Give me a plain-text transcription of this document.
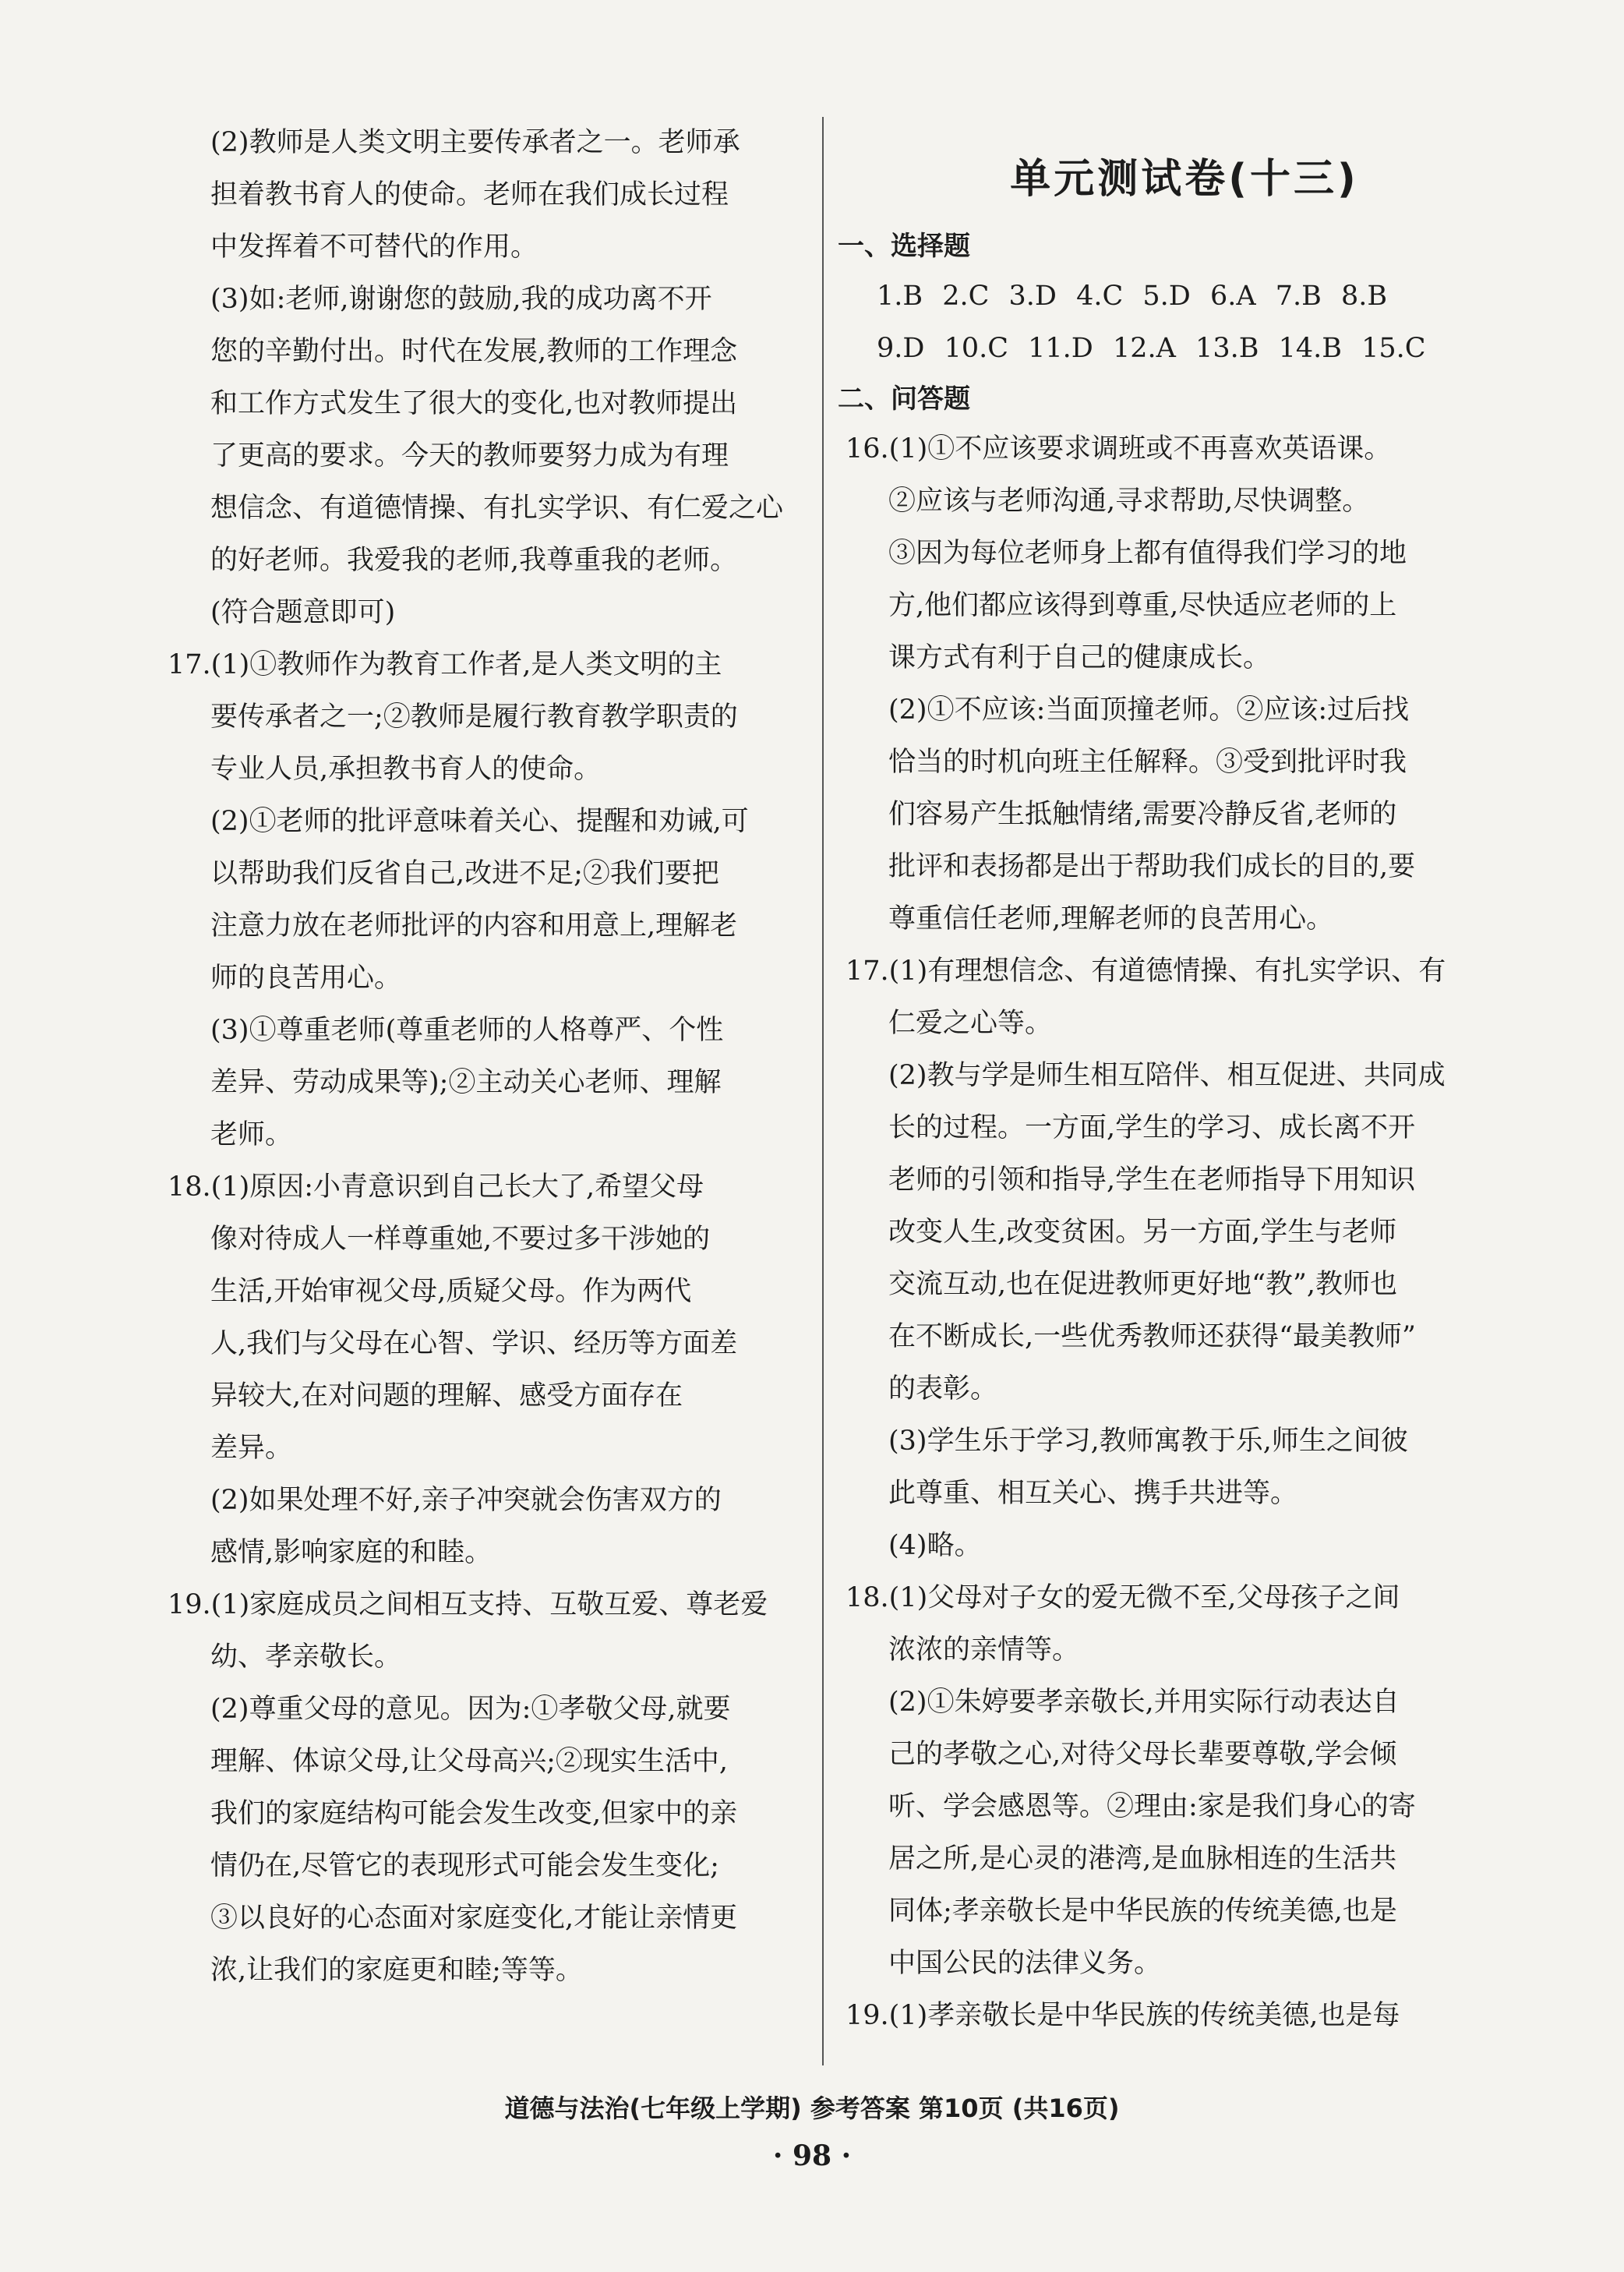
(2)教师是人类文明主要传承者之一。老师承
担着教书育人的使命。老师在我们成长过程
中发挥着不可替代的作用。
(3)如:老师,谢谢您的鼓励,我的成功离不开
您的辛勤付出。时代在发展,教师的工作理念
和工作方式发生了很大的变化,也对教师提出
了更高的要求。今天的教师要努力成为有理
想信念、有道德情操、有扎实学识、有仁爱之心
的好老师。我爱我的老师,我尊重我的老师。
(符合题意即可)
17.(1)①教师作为教育工作者,是人类文明的主
要传承者之一;②教师是履行教育教学职责的
专业人员,承担教书育人的使命。
(2)①老师的批评意味着关心、提醒和劝诫,可
以帮助我们反省自己,改进不足;②我们要把
注意力放在老师批评的内容和用意上,理解老
师的良苦用心。
(3)①尊重老师(尊重老师的人格尊严、个性
差异、劳动成果等);②主动关心老师、理解
老师。
18.(1)原因:小青意识到自己长大了,希望父母
像对待成人一样尊重她,不要过多干涉她的
生活,开始审视父母,质疑父母。作为两代
人,我们与父母在心智、学识、经历等方面差
异较大,在对问题的理解、感受方面存在
差异。
(2)如果处理不好,亲子冲突就会伤害双方的
感情,影响家庭的和睦。
19.(1)家庭成员之间相互支持、互敬互爱、尊老爱
幼、孝亲敬长。
(2)尊重父母的意见。因为:①孝敬父母,就要
理解、体谅父母,让父母高兴;②现实生活中,
我们的家庭结构可能会发生改变,但家中的亲
情仍在,尽管它的表现形式可能会发生变化;
③以良好的心态面对家庭变化,才能让亲情更
浓,让我们的家庭更和睦;等等。
单元测试卷(十三)
一、选择题
1.B 2.C 3.D 4.C 5.D 6.A 7.B 8.B
9.D 10.C 11.D 12.A 13.B 14.B 15.C
二、问答题
16.(1)①不应该要求调班或不再喜欢英语课。
②应该与老师沟通,寻求帮助,尽快调整。
③因为每位老师身上都有值得我们学习的地
方,他们都应该得到尊重,尽快适应老师的上
课方式有利于自己的健康成长。
(2)①不应该:当面顶撞老师。②应该:过后找
恰当的时机向班主任解释。③受到批评时我
们容易产生抵触情绪,需要冷静反省,老师的
批评和表扬都是出于帮助我们成长的目的,要
尊重信任老师,理解老师的良苦用心。
17.(1)有理想信念、有道德情操、有扎实学识、有
仁爱之心等。
(2)教与学是师生相互陪伴、相互促进、共同成
长的过程。一方面,学生的学习、成长离不开
老师的引领和指导,学生在老师指导下用知识
改变人生,改变贫困。另一方面,学生与老师
交流互动,也在促进教师更好地“教”,教师也
在不断成长,一些优秀教师还获得“最美教师”
的表彰。
(3)学生乐于学习,教师寓教于乐,师生之间彼
此尊重、相互关心、携手共进等。
(4)略。
18.(1)父母对子女的爱无微不至,父母孩子之间
浓浓的亲情等。
(2)①朱婷要孝亲敬长,并用实际行动表达自
己的孝敬之心,对待父母长辈要尊敬,学会倾
听、学会感恩等。②理由:家是我们身心的寄
居之所,是心灵的港湾,是血脉相连的生活共
同体;孝亲敬长是中华民族的传统美德,也是
中国公民的法律义务。
19.(1)孝亲敬长是中华民族的传统美德,也是每
道德与法治(七年级上学期) 参考答案 第10页 (共16页)
· 98 ·
